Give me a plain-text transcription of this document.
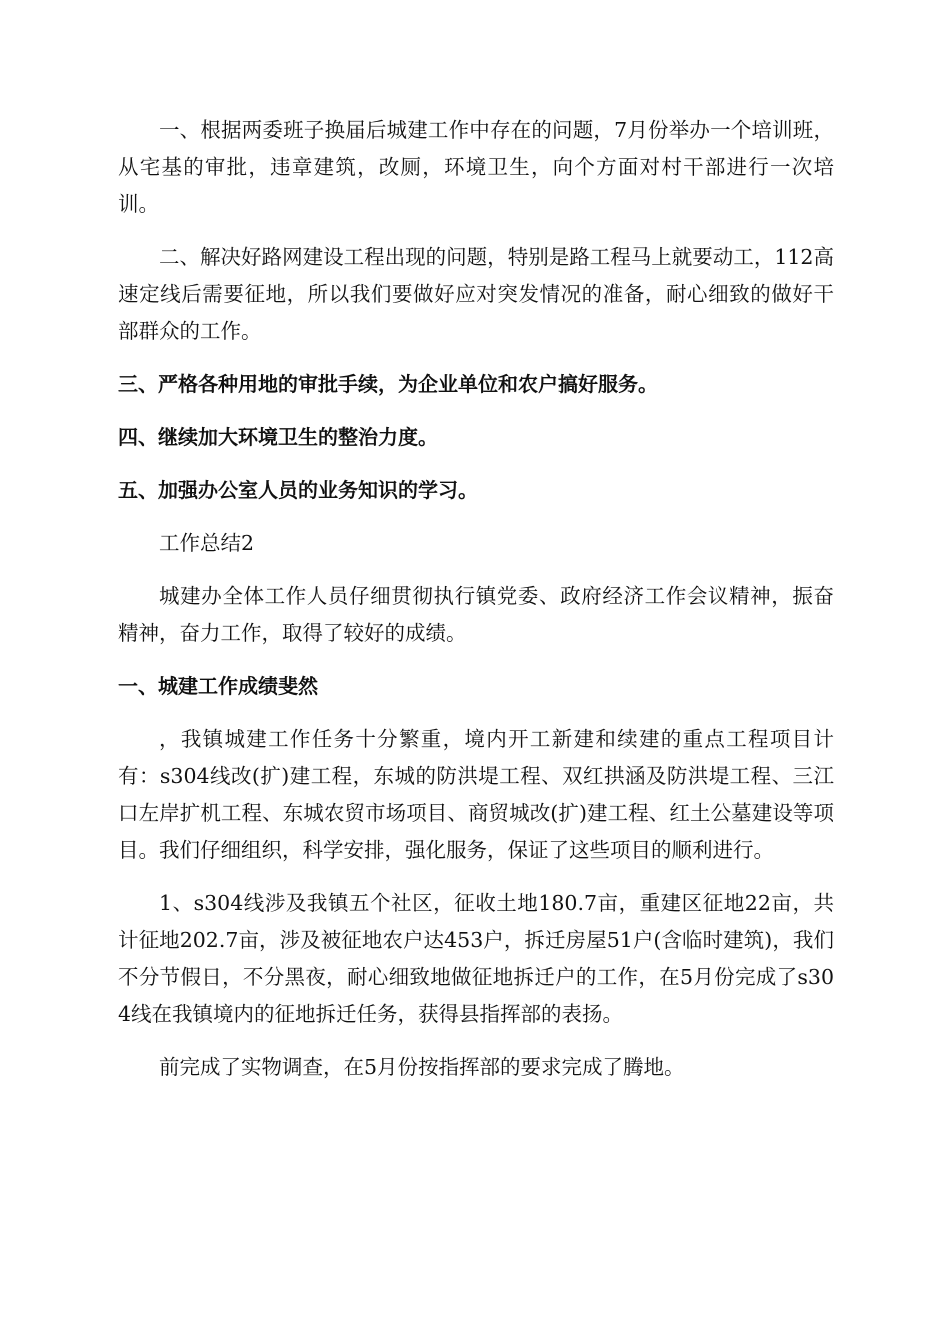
一、根据两委班子换届后城建工作中存在的问题，7月份举办一个培训班，从宅基的审批，违章建筑，改厕，环境卫生，向个方面对村干部进行一次培训。

二、解决好路网建设工程出现的问题，特别是路工程马上就要动工，112高速定线后需要征地，所以我们要做好应对突发情况的准备，耐心细致的做好干部群众的工作。

三、严格各种用地的审批手续，为企业单位和农户搞好服务。

四、继续加大环境卫生的整治力度。

五、加强办公室人员的业务知识的学习。

工作总结2

城建办全体工作人员仔细贯彻执行镇党委、政府经济工作会议精神，振奋精神，奋力工作，取得了较好的成绩。

一、城建工作成绩斐然

，我镇城建工作任务十分繁重，境内开工新建和续建的重点工程项目计有：s304线改(扩)建工程，东城的防洪堤工程、双红拱涵及防洪堤工程、三江口左岸扩机工程、东城农贸市场项目、商贸城改(扩)建工程、红土公墓建设等项目。我们仔细组织，科学安排，强化服务，保证了这些项目的顺利进行。

1、s304线涉及我镇五个社区，征收土地180.7亩，重建区征地22亩，共计征地202.7亩，涉及被征地农户达453户，拆迁房屋51户(含临时建筑)，我们不分节假日，不分黑夜，耐心细致地做征地拆迁户的工作，在5月份完成了s304线在我镇境内的征地拆迁任务，获得县指挥部的表扬。

前完成了实物调查，在5月份按指挥部的要求完成了腾地。
